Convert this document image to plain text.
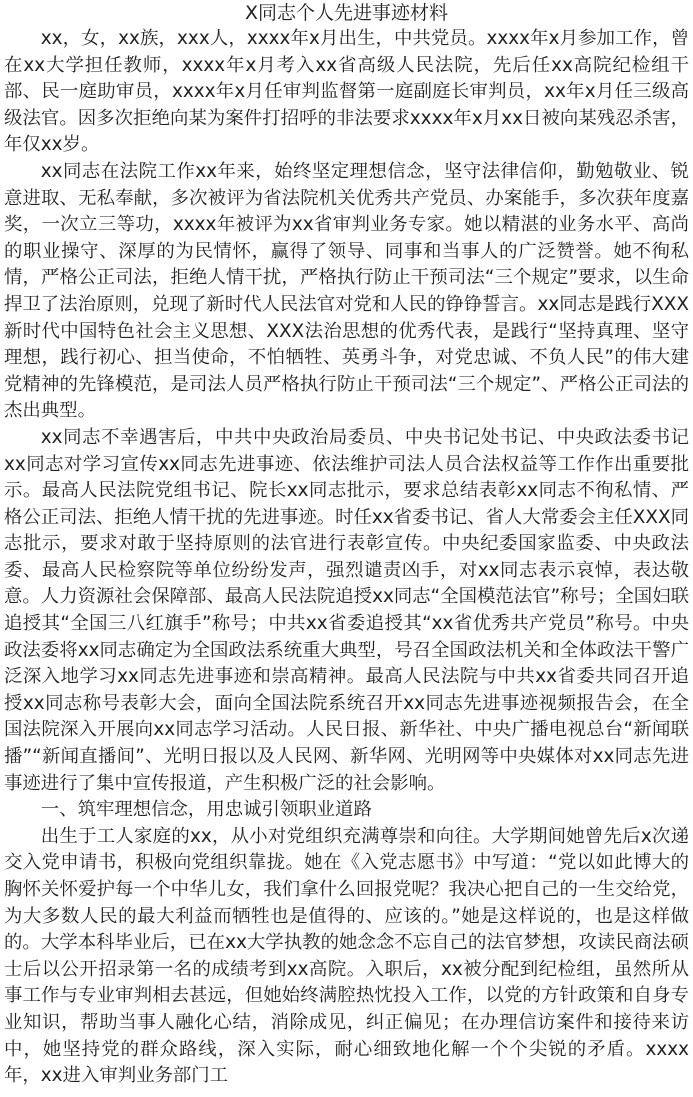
X同志个人先进事迹材料

xx，女，xx族，xxx人，xxxx年x月出生，中共党员。xxxx年x月参加工作，曾在xx大学担任教师，xxxx年x月考入xx省高级人民法院，先后任xx高院纪检组干部、民一庭助审员，xxxx年x月任审判监督第一庭副庭长审判员，xx年x月任三级高级法官。因多次拒绝向某为案件打招呼的非法要求xxxx年x月xx日被向某残忍杀害，年仅xx岁。

xx同志在法院工作xx年来，始终坚定理想信念，坚守法律信仰，勤勉敬业、锐意进取、无私奉献，多次被评为省法院机关优秀共产党员、办案能手，多次获年度嘉奖，一次立三等功，xxxx年被评为xx省审判业务专家。她以精湛的业务水平、高尚的职业操守、深厚的为民情怀，赢得了领导、同事和当事人的广泛赞誉。她不徇私情，严格公正司法，拒绝人情干扰，严格执行防止干预司法“三个规定”要求，以生命捍卫了法治原则，兑现了新时代人民法官对党和人民的铮铮誓言。xx同志是践行XXX新时代中国特色社会主义思想、XXX法治思想的优秀代表，是践行“坚持真理、坚守理想，践行初心、担当使命，不怕牺牲、英勇斗争，对党忠诚、不负人民”的伟大建党精神的先锋模范，是司法人员严格执行防止干预司法“三个规定”、严格公正司法的杰出典型。

xx同志不幸遇害后，中共中央政治局委员、中央书记处书记、中央政法委书记xx同志对学习宣传xx同志先进事迹、依法维护司法人员合法权益等工作作出重要批示。最高人民法院党组书记、院长xx同志批示，要求总结表彰xx同志不徇私情、严格公正司法、拒绝人情干扰的先进事迹。时任xx省委书记、省人大常委会主任XXX同志批示，要求对敢于坚持原则的法官进行表彰宣传。中央纪委国家监委、中央政法委、最高人民检察院等单位纷纷发声，强烈谴责凶手，对xx同志表示哀悼，表达敬意。人力资源社会保障部、最高人民法院追授xx同志“全国模范法官”称号；全国妇联追授其“全国三八红旗手”称号；中共xx省委追授其“xx省优秀共产党员”称号。中央政法委将xx同志确定为全国政法系统重大典型，号召全国政法机关和全体政法干警广泛深入地学习xx同志先进事迹和崇高精神。最高人民法院与中共xx省委共同召开追授xx同志称号表彰大会，面向全国法院系统召开xx同志先进事迹视频报告会，在全国法院深入开展向xx同志学习活动。人民日报、新华社、中央广播电视总台“新闻联播”“新闻直播间”、光明日报以及人民网、新华网、光明网等中央媒体对xx同志先进事迹进行了集中宣传报道，产生积极广泛的社会影响。

一、筑牢理想信念，用忠诚引领职业道路

出生于工人家庭的xx，从小对党组织充满尊崇和向往。大学期间她曾先后x次递交入党申请书，积极向党组织靠拢。她在《入党志愿书》中写道：“党以如此博大的胸怀关怀爱护每一个中华儿女，我们拿什么回报党呢？我决心把自己的一生交给党，为大多数人民的最大利益而牺牲也是值得的、应该的。”她是这样说的，也是这样做的。大学本科毕业后，已在xx大学执教的她念念不忘自己的法官梦想，攻读民商法硕士后以公开招录第一名的成绩考到xx高院。入职后，xx被分配到纪检组，虽然所从事工作与专业审判相去甚远，但她始终满腔热忱投入工作，以党的方针政策和自身专业知识，帮助当事人融化心结，消除成见，纠正偏见；在办理信访案件和接待来访中，她坚持党的群众路线，深入实际，耐心细致地化解一个个尖锐的矛盾。xxxx年，xx进入审判业务部门工
